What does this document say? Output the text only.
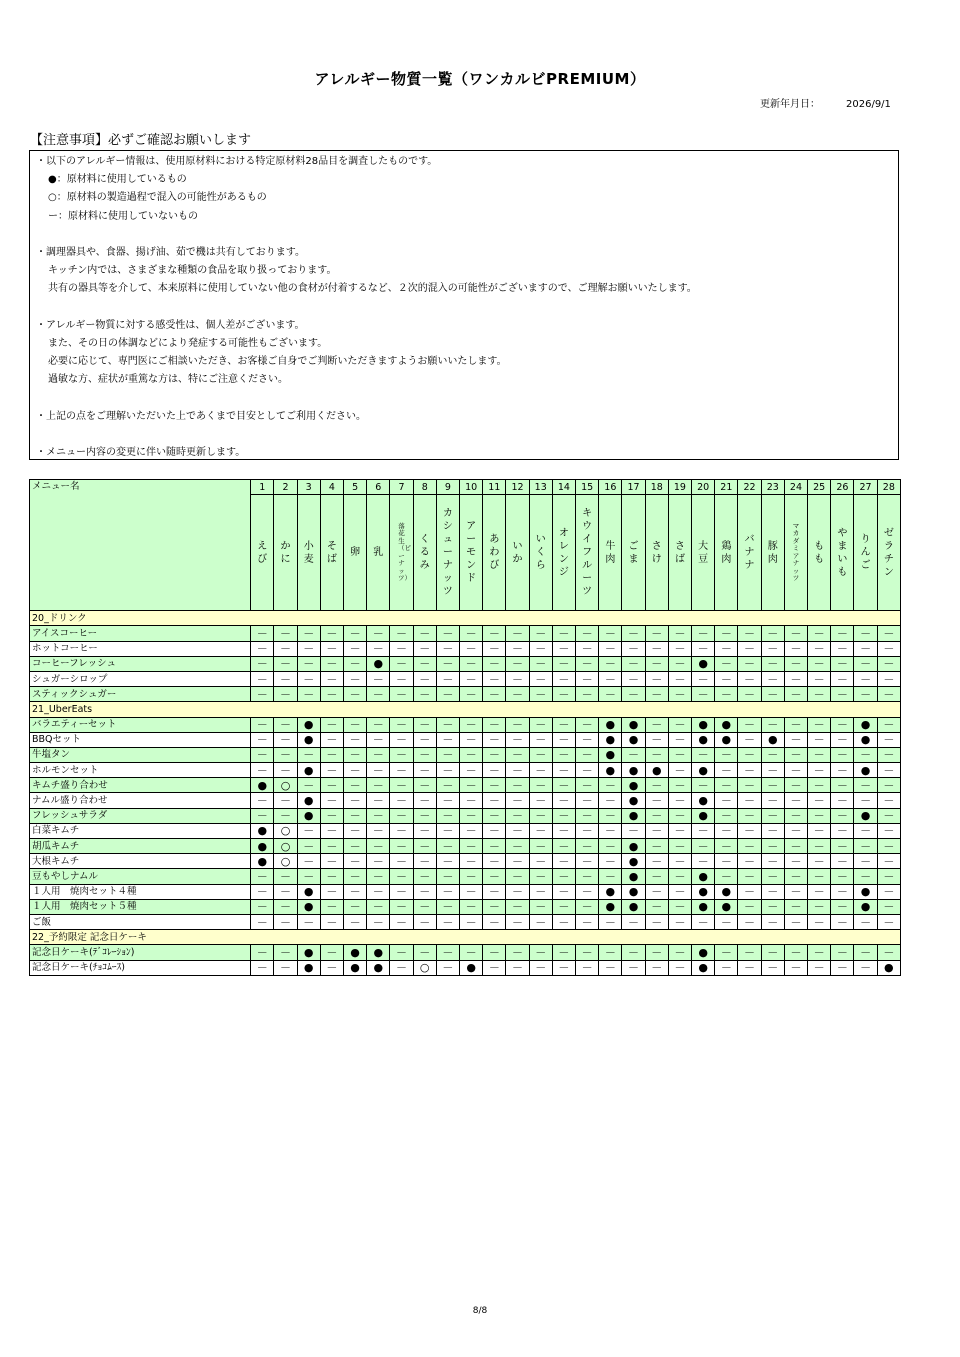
アレルギー物質一覧（ワンカルビPREMIUM）
更新年月日：	2026/9/1
【注意事項】必ずご確認お願いします
・以下のアレルギー情報は、使用原材料における特定原材料28品目を調査したものです。
●：原材料に使用しているもの
○：原材料の製造過程で混入の可能性があるもの
ー：原材料に使用していないもの
・調理器具や、食器、揚げ油、茹で機は共有しております。
キッチン内では、さまざまな種類の食品を取り扱っております。
共有の器具等を介して、本来原料に使用していない他の食材が付着するなど、２次的混入の可能性がございますので、ご理解お願いいたします。
・アレルギー物質に対する感受性は、個人差がございます。
また、その日の体調などにより発症する可能性もございます。
必要に応じて、専門医にご相談いただき、お客様ご自身でご判断いただきますようお願いいたします。
過敏な方、症状が重篤な方は、特にご注意ください。
・上記の点をご理解いただいた上であくまで目安としてご利用ください。
・メニュー内容の変更に伴い随時更新します。
メニュー名	1	2	3	4	5	6	7	8	9	10	11	12	13	14	15	16	17	18	19	20	21	22	23	24	25	26	27	28
	えび	かに	小麦	そば	卵	乳	落花生（ピーナッツ）	くるみ	カシューナッツ	アーモンド	あわび	いか	いくら	オレンジ	キウイフルーツ	牛肉	ごま	さけ	さば	大豆	鶏肉	バナナ	豚肉	マカダミアナッツ	もも	やまいも	りんご	ゼラチン
20_ドリンク																												
アイスコーヒー	－	－	－	－	－	－	－	－	－	－	－	－	－	－	－	－	－	－	－	－	－	－	－	－	－	－	－	－
ホットコーヒー	－	－	－	－	－	－	－	－	－	－	－	－	－	－	－	－	－	－	－	－	－	－	－	－	－	－	－	－
コーヒーフレッシュ	－	－	－	－	－	●	－	－	－	－	－	－	－	－	－	－	－	－	－	●	－	－	－	－	－	－	－	－
シュガーシロップ	－	－	－	－	－	－	－	－	－	－	－	－	－	－	－	－	－	－	－	－	－	－	－	－	－	－	－	－
スティックシュガー	－	－	－	－	－	－	－	－	－	－	－	－	－	－	－	－	－	－	－	－	－	－	－	－	－	－	－	－
21_UberEats																												
バラエティーセット	－	－	●	－	－	－	－	－	－	－	－	－	－	－	－	●	●	－	－	●	●	－	－	－	－	－	●	－
BBQセット	－	－	●	－	－	－	－	－	－	－	－	－	－	－	－	●	●	－	－	●	●	－	●	－	－	－	●	－
牛塩タン	－	－	－	－	－	－	－	－	－	－	－	－	－	－	－	●	－	－	－	－	－	－	－	－	－	－	－	－
ホルモンセット	－	－	●	－	－	－	－	－	－	－	－	－	－	－	－	●	●	●	－	●	－	－	－	－	－	－	●	－
キムチ盛り合わせ	●	○	－	－	－	－	－	－	－	－	－	－	－	－	－	－	●	－	－	－	－	－	－	－	－	－	－	－
ナムル盛り合わせ	－	－	●	－	－	－	－	－	－	－	－	－	－	－	－	－	●	－	－	●	－	－	－	－	－	－	－	－
フレッシュサラダ	－	－	●	－	－	－	－	－	－	－	－	－	－	－	－	－	●	－	－	●	－	－	－	－	－	－	●	－
白菜キムチ	●	○	－	－	－	－	－	－	－	－	－	－	－	－	－	－	－	－	－	－	－	－	－	－	－	－	－	－
胡瓜キムチ	●	○	－	－	－	－	－	－	－	－	－	－	－	－	－	－	●	－	－	－	－	－	－	－	－	－	－	－
大根キムチ	●	○	－	－	－	－	－	－	－	－	－	－	－	－	－	－	●	－	－	－	－	－	－	－	－	－	－	－
豆もやしナムル	－	－	－	－	－	－	－	－	－	－	－	－	－	－	－	－	●	－	－	●	－	－	－	－	－	－	－	－
１人用　焼肉セット４種	－	－	●	－	－	－	－	－	－	－	－	－	－	－	－	●	●	－	－	●	●	－	－	－	－	－	●	－
１人用　焼肉セット５種	－	－	●	－	－	－	－	－	－	－	－	－	－	－	－	●	●	－	－	●	●	－	－	－	－	－	●	－
ご飯	－	－	－	－	－	－	－	－	－	－	－	－	－	－	－	－	－	－	－	－	－	－	－	－	－	－	－	－
22_予約限定 記念日ケーキ																												
記念日ケーキ(ﾃﾞｺﾚｰｼｮﾝ)	－	－	●	－	●	●	－	－	－	－	－	－	－	－	－	－	－	－	－	●	－	－	－	－	－	－	－	－
記念日ケーキ(ﾁｮｺﾑｰｽ)	－	－	●	－	●	●	－	○	－	●	－	－	－	－	－	－	－	－	－	●	－	－	－	－	－	－	－	●
8/8
